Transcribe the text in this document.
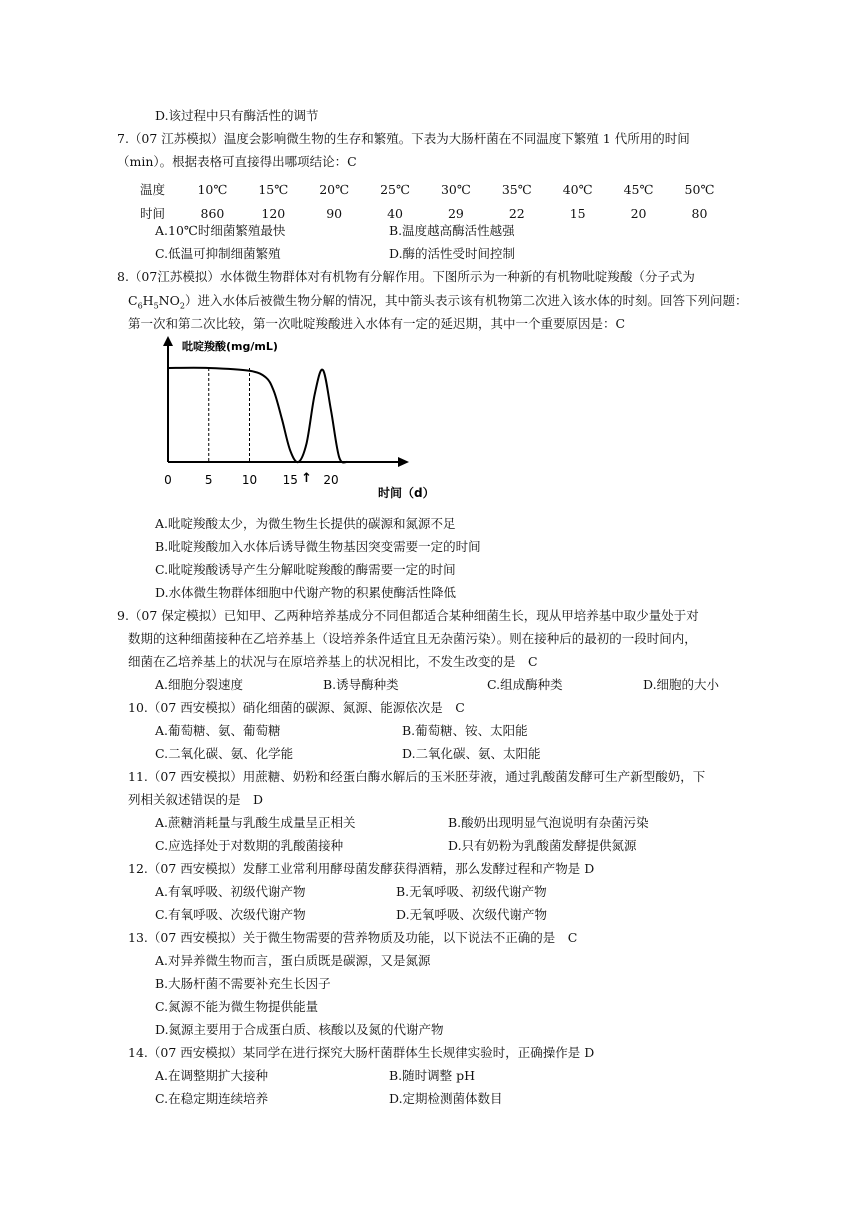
D.该过程中只有酶活性的调节
7.（07 江苏模拟）温度会影响微生物的生存和繁殖。下表为大肠杆菌在不同温度下繁殖 1 代所用的时间
（min）。根据表格可直接得出哪项结论：C
温度	10℃	15℃	20℃	25℃	30℃	35℃	40℃	45℃	50℃
时间	860	120	90	40	29	22	15	20	80
A.10℃时细菌繁殖最快	B.温度越高酶活性越强
C.低温可抑制细菌繁殖	D.酶的活性受时间控制
8.（07江苏模拟）水体微生物群体对有机物有分解作用。下图所示为一种新的有机物吡啶羧酸（分子式为
$C_6H_5NO_2$）进入水体后被微生物分解的情况，其中箭头表示该有机物第二次进入该水体的时刻。回答下列问题：
第一次和第二次比较，第一次吡啶羧酸进入水体有一定的延迟期，其中一个重要原因是：C
吡啶羧酸(mg/mL)
时间（d）
0	5 10 15 20
↑
A.吡啶羧酸太少，为微生物生长提供的碳源和氮源不足
B.吡啶羧酸加入水体后诱导微生物基因突变需要一定的时间
C.吡啶羧酸诱导产生分解吡啶羧酸的酶需要一定的时间
D.水体微生物群体细胞中代谢产物的积累使酶活性降低
9.（07 保定模拟）已知甲、乙两种培养基成分不同但都适合某种细菌生长，现从甲培养基中取少量处于对
数期的这种细菌接种在乙培养基上（设培养条件适宜且无杂菌污染）。则在接种后的最初的一段时间内，
细菌在乙培养基上的状况与在原培养基上的状况相比，不发生改变的是　C
A.细胞分裂速度	B.诱导酶种类	C.组成酶种类	D.细胞的大小
10.（07 西安模拟）硝化细菌的碳源、氮源、能源依次是　C
A.葡萄糖、氨、葡萄糖	B.葡萄糖、铵、太阳能
C.二氧化碳、氨、化学能	D.二氧化碳、氨、太阳能
11.（07 西安模拟）用蔗糖、奶粉和经蛋白酶水解后的玉米胚芽液，通过乳酸菌发酵可生产新型酸奶，下
列相关叙述错误的是　D
A.蔗糖消耗量与乳酸生成量呈正相关	B.酸奶出现明显气泡说明有杂菌污染
C.应选择处于对数期的乳酸菌接种	D.只有奶粉为乳酸菌发酵提供氮源
12.（07 西安模拟）发酵工业常利用酵母菌发酵获得酒精，那么发酵过程和产物是 D
A.有氧呼吸、初级代谢产物	B.无氧呼吸、初级代谢产物
C.有氧呼吸、次级代谢产物	D.无氧呼吸、次级代谢产物
13.（07 西安模拟）关于微生物需要的营养物质及功能，以下说法不正确的是　C
A.对异养微生物而言，蛋白质既是碳源，又是氮源
B.大肠杆菌不需要补充生长因子
C.氮源不能为微生物提供能量
D.氮源主要用于合成蛋白质、核酸以及氮的代谢产物
14.（07 西安模拟）某同学在进行探究大肠杆菌群体生长规律实验时，正确操作是 D
A.在调整期扩大接种	B.随时调整 pH
C.在稳定期连续培养	D.定期检测菌体数目
